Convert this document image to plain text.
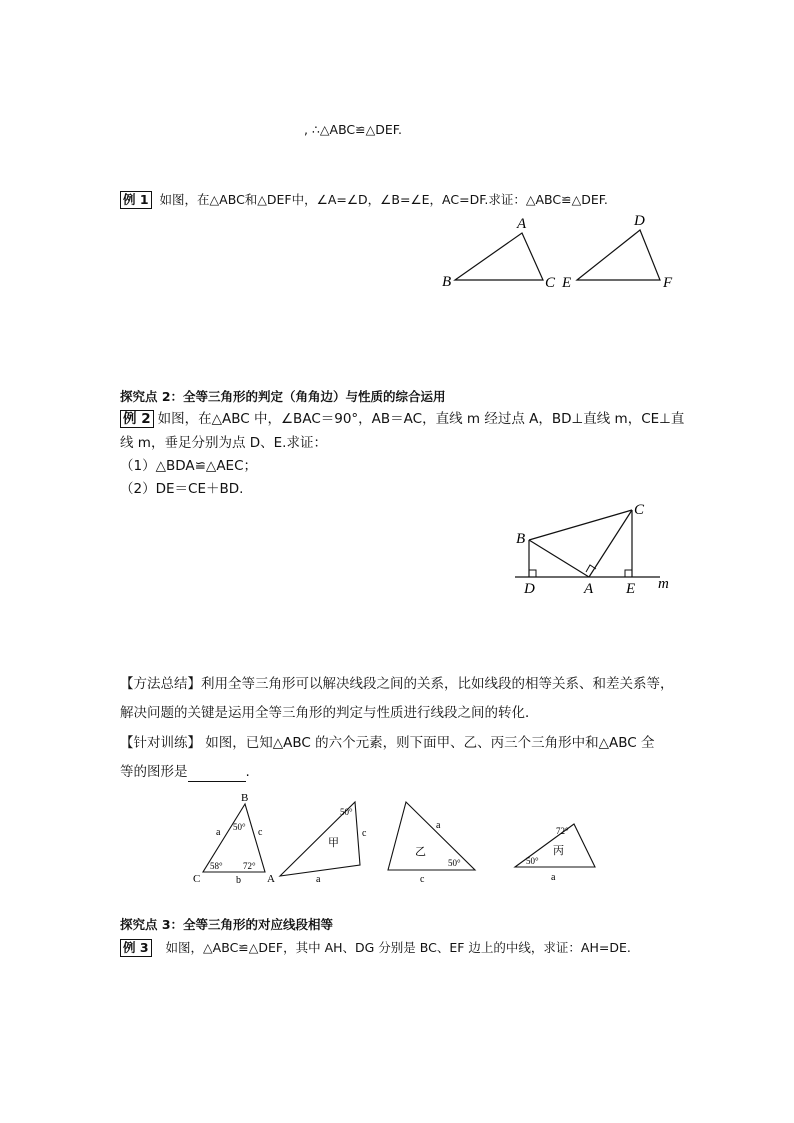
, ∴△ABC≌△DEF.
例 1 如图，在△ABC和△DEF中，∠A=∠D，∠B=∠E，AC=DF.求证：△ABC≌△DEF.
A
B	C
D
E	F
探究点 2：全等三角形的判定（角角边）与性质的综合运用
例 2 如图，在△ABC 中，∠BAC＝90°，AB＝AC，直线 m 经过点 A，BD⊥直线 m，CE⊥直
线 m，垂足分别为点 D、E.求证：
（1）△BDA≌△AEC；
（2）DE＝CE＋BD.
B
C
D	A E m
【方法总结】利用全等三角形可以解决线段之间的关系，比如线段的相等关系、和差关系等，
解决问题的关键是运用全等三角形的判定与性质进行线段之间的转化．
【针对训练】 如图，已知△ABC 的六个元素，则下面甲、乙、丙三个三角形中和△ABC 全
等的图形是	.
B
C	A
a	c
b
50°
58° 72°
50°
甲
c
a
a
乙
50°
c
72°
丙
50°
a
探究点 3：全等三角形的对应线段相等
例 3 如图，△ABC≌△DEF，其中 AH、DG 分别是 BC、EF 边上的中线，求证：AH=DE.
